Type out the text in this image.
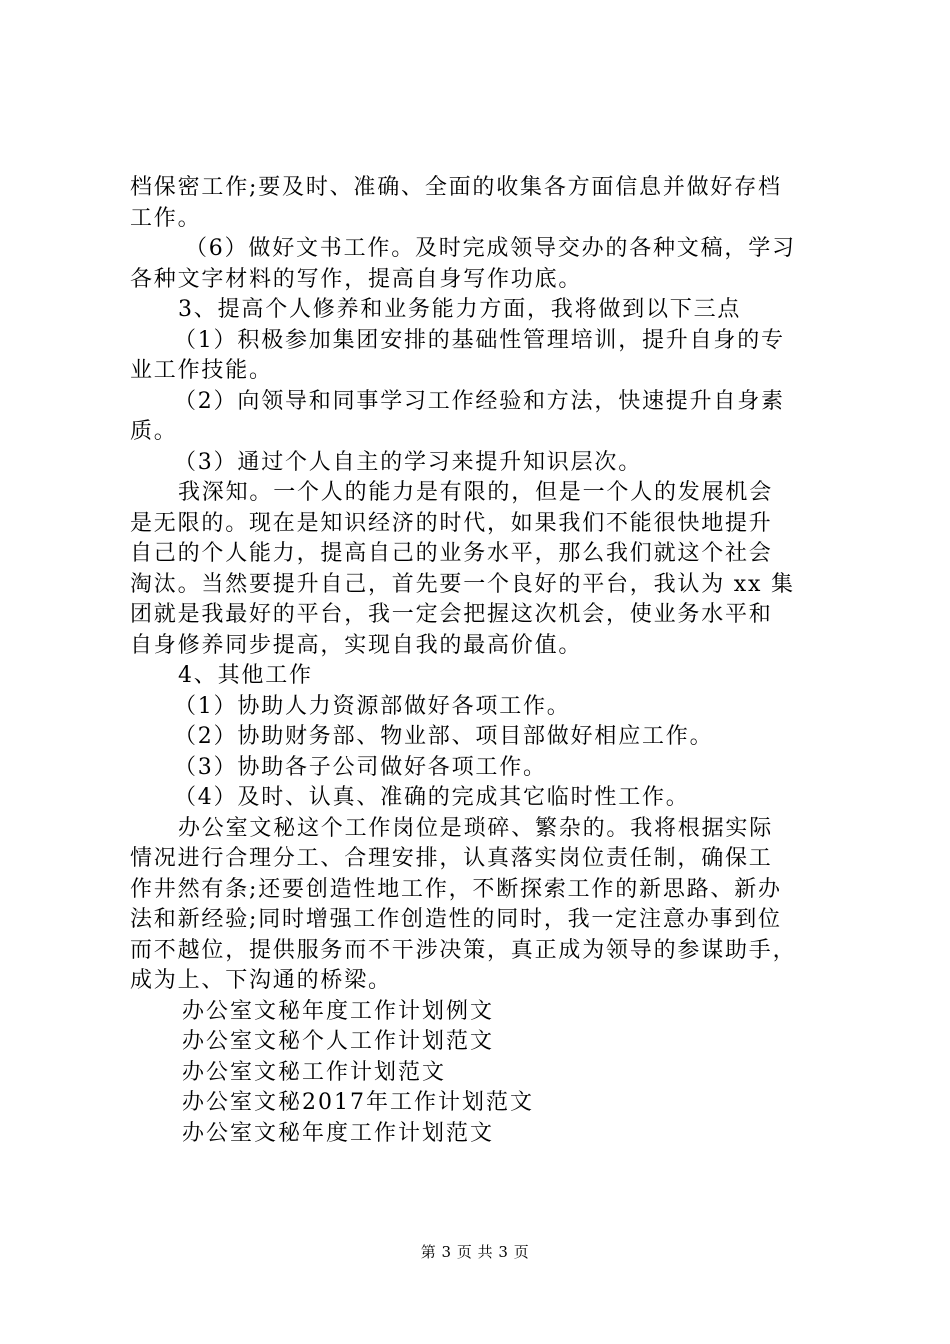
档保密工作;要及时、准确、全面的收集各方面信息并做好存档
工作。
（6）做好文书工作。及时完成领导交办的各种文稿，学习
各种文字材料的写作，提高自身写作功底。
3、提高个人修养和业务能力方面，我将做到以下三点
（1）积极参加集团安排的基础性管理培训，提升自身的专
业工作技能。
（2）向领导和同事学习工作经验和方法，快速提升自身素
质。
（3）通过个人自主的学习来提升知识层次。
我深知。一个人的能力是有限的，但是一个人的发展机会
是无限的。现在是知识经济的时代，如果我们不能很快地提升
自己的个人能力，提高自己的业务水平，那么我们就这个社会
淘汰。当然要提升自己，首先要一个良好的平台，我认为 xx 集
团就是我最好的平台，我一定会把握这次机会，使业务水平和
自身修养同步提高，实现自我的最高价值。
4、其他工作
（1）协助人力资源部做好各项工作。
（2）协助财务部、物业部、项目部做好相应工作。
（3）协助各子公司做好各项工作。
（4）及时、认真、准确的完成其它临时性工作。
办公室文秘这个工作岗位是琐碎、繁杂的。我将根据实际
情况进行合理分工、合理安排，认真落实岗位责任制，确保工
作井然有条;还要创造性地工作，不断探索工作的新思路、新办
法和新经验;同时增强工作创造性的同时，我一定注意办事到位
而不越位，提供服务而不干涉决策，真正成为领导的参谋助手，
成为上、下沟通的桥梁。
办公室文秘年度工作计划例文
办公室文秘个人工作计划范文
办公室文秘工作计划范文
办公室文秘2017年工作计划范文
办公室文秘年度工作计划范文
第 3 页 共 3 页
